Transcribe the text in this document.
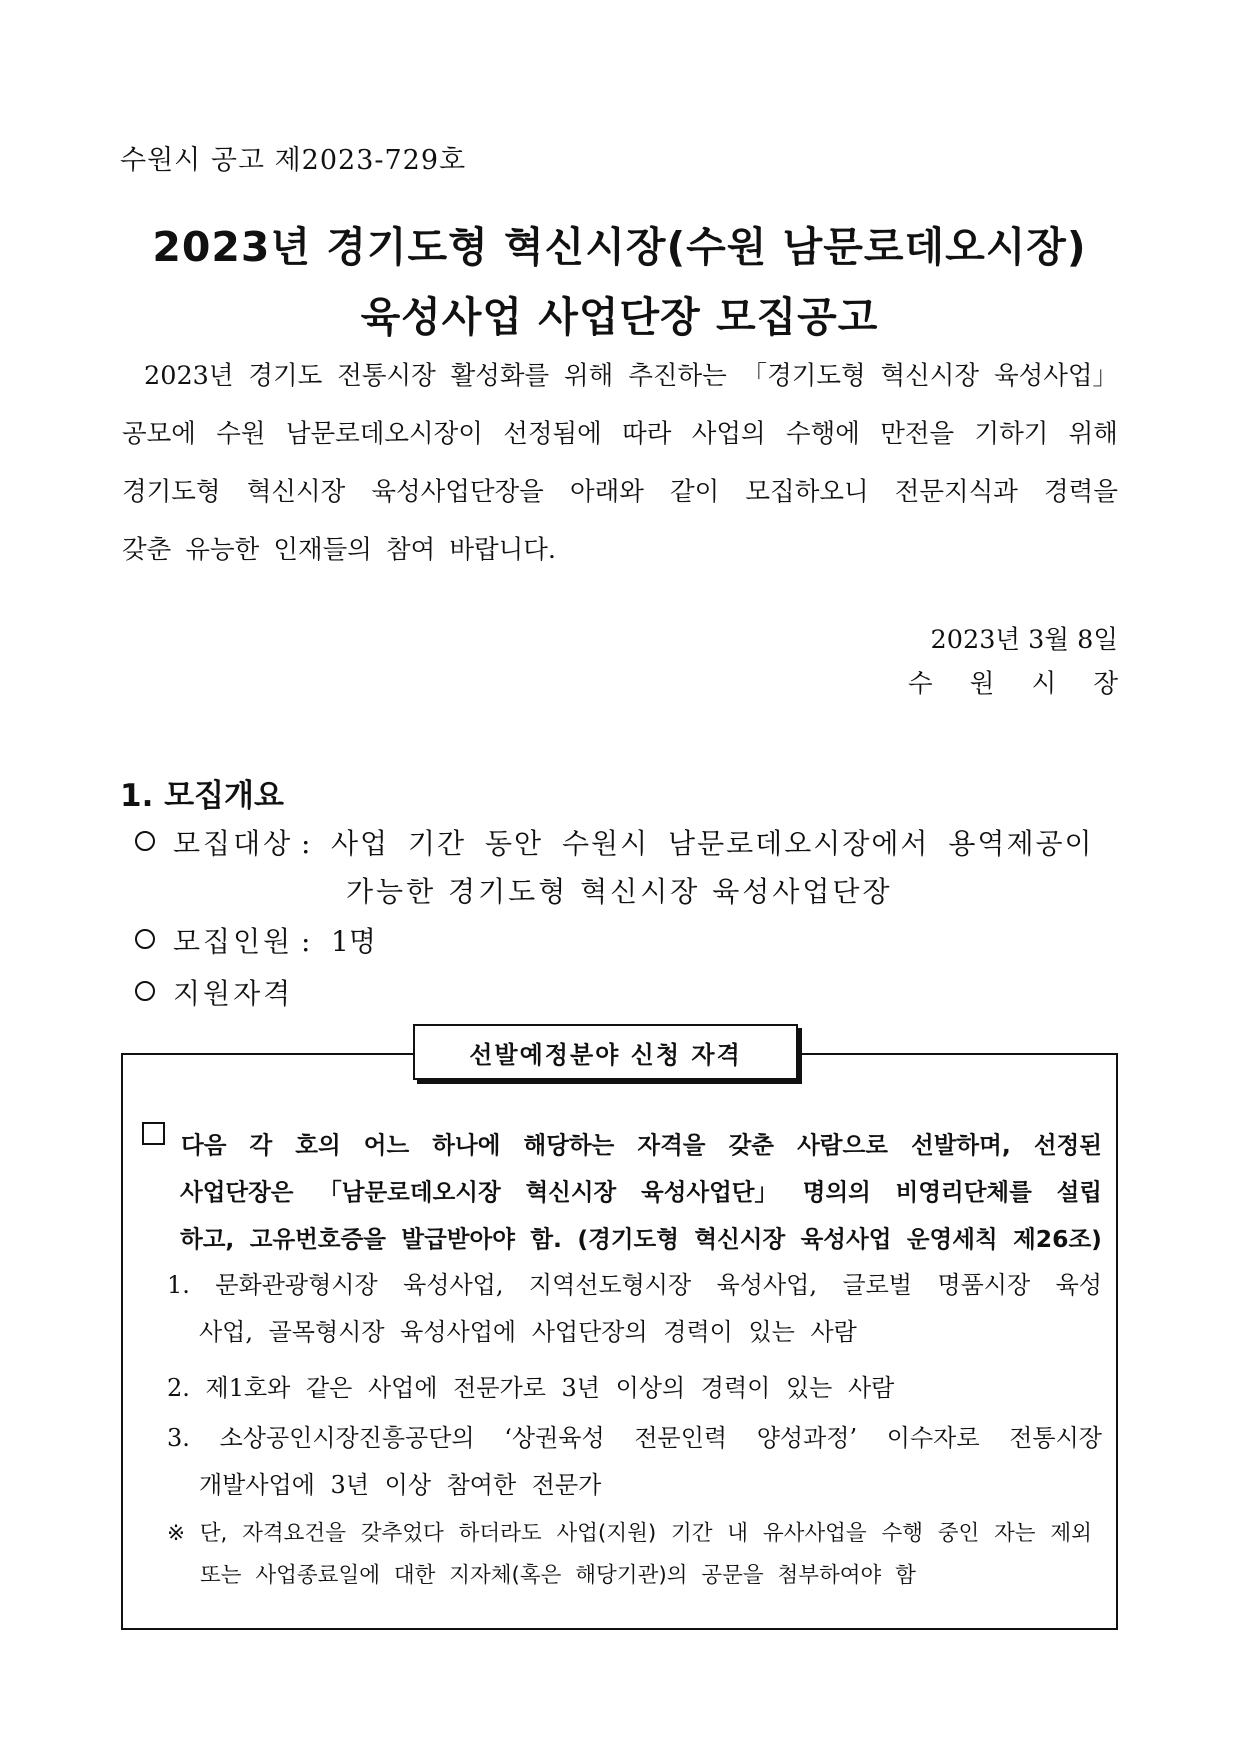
수원시 공고 제2023-729호
2023년 경기도형 혁신시장(수원 남문로데오시장)
육성사업 사업단장 모집공고
2023년 경기도 전통시장 활성화를 위해 추진하는 「경기도형 혁신시장 육성사업」
공모에 수원 남문로데오시장이 선정됨에 따라 사업의 수행에 만전을 기하기 위해
경기도형 혁신시장 육성사업단장을 아래와 같이 모집하오니 전문지식과 경력을
갖춘 유능한 인재들의 참여 바랍니다.
2023년 3월 8일
수 원 시 장
1. 모집개요
모집대상 : 사업 기간 동안 수원시 남문로데오시장에서 용역제공이
가능한 경기도형 혁신시장 육성사업단장
모집인원 : 1명
지원자격
선발예정분야 신청 자격
다음 각 호의 어느 하나에 해당하는 자격을 갖춘 사람으로 선발하며, 선정된
사업단장은 「남문로데오시장 혁신시장 육성사업단」 명의의 비영리단체를 설립
하고, 고유번호증을 발급받아야 함. (경기도형 혁신시장 육성사업 운영세칙 제26조)
1. 문화관광형시장 육성사업, 지역선도형시장 육성사업, 글로벌 명품시장 육성
사업, 골목형시장 육성사업에 사업단장의 경력이 있는 사람
2. 제1호와 같은 사업에 전문가로 3년 이상의 경력이 있는 사람
3. 소상공인시장진흥공단의 ‘상권육성 전문인력 양성과정’ 이수자로 전통시장
개발사업에 3년 이상 참여한 전문가
※ 단, 자격요건을 갖추었다 하더라도 사업(지원) 기간 내 유사사업을 수행 중인 자는 제외
또는 사업종료일에 대한 지자체(혹은 해당기관)의 공문을 첨부하여야 함
